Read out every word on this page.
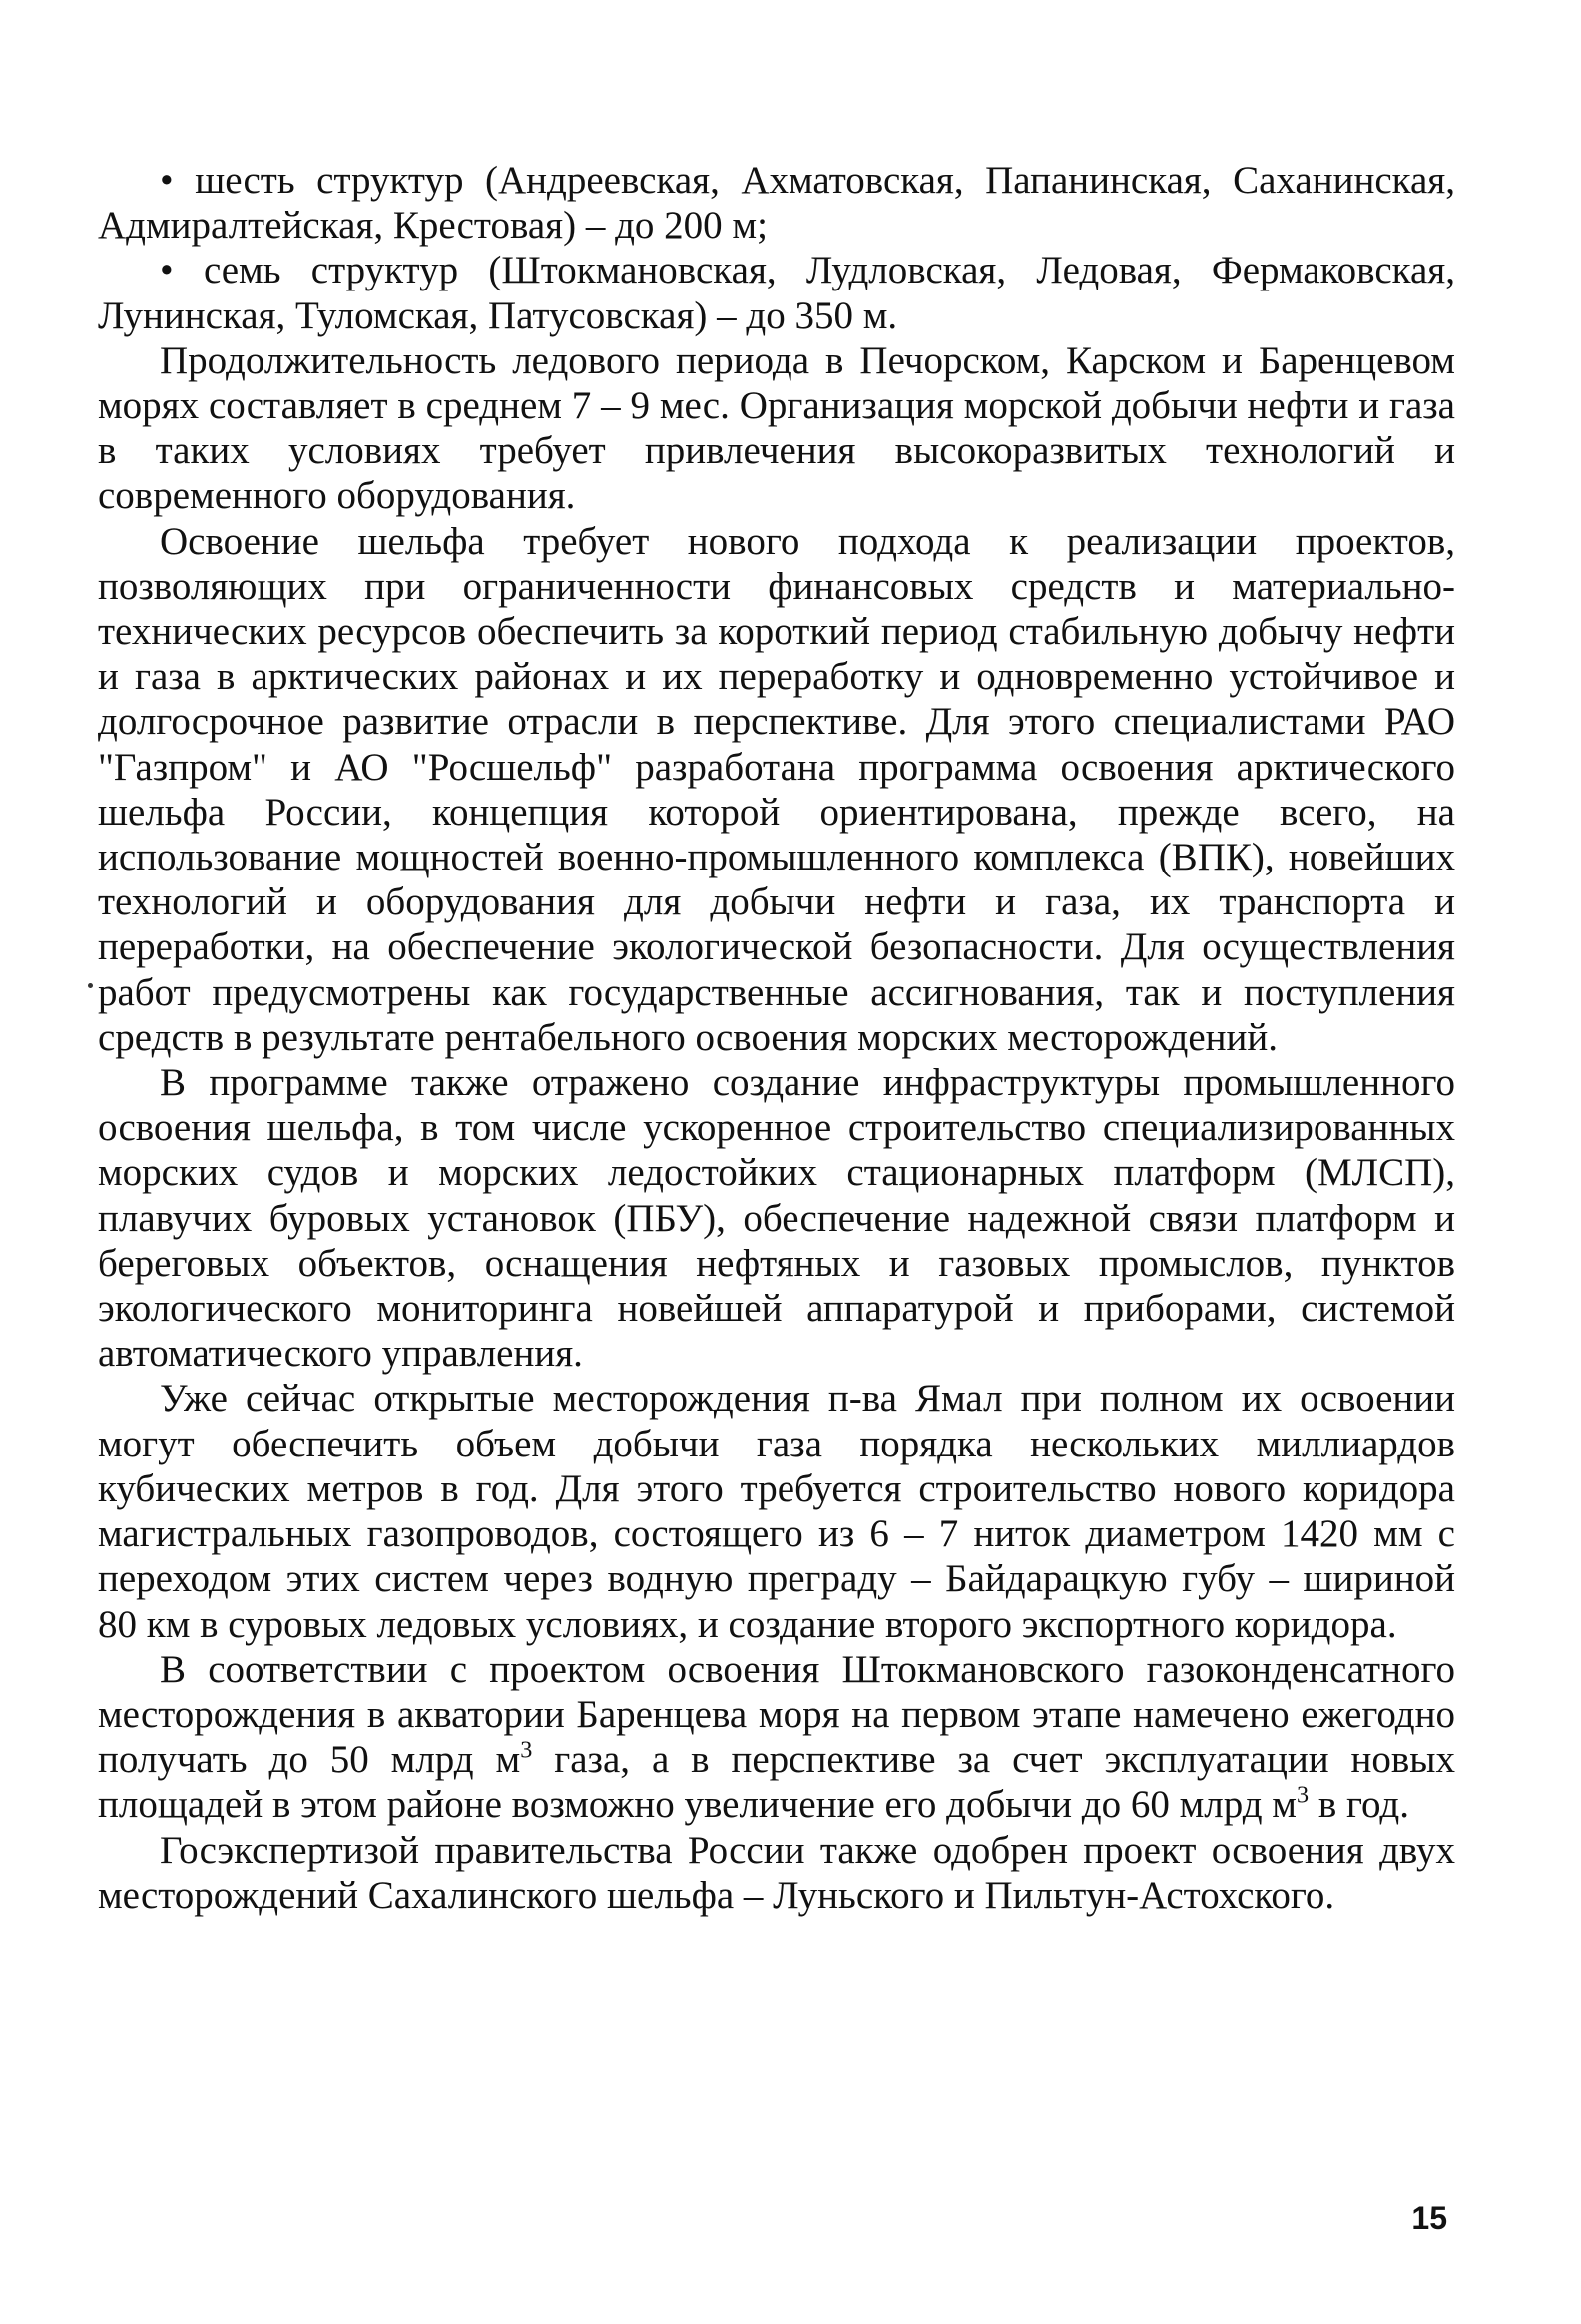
• шесть структур (Андреевская, Ахматовская, Папанинская, Саханинская, Адмиралтейская, Крестовая) – до 200 м;

• семь структур (Штокмановская, Лудловская, Ледовая, Фермаковская, Лунинская, Туломская, Патусовская) – до 350 м.

Продолжительность ледового периода в Печорском, Карском и Баренцевом морях составляет в среднем 7 – 9 мес. Организация морской добычи нефти и газа в таких условиях требует привлечения высокоразвитых технологий и современного оборудования.

Освоение шельфа требует нового подхода к реализации проектов, позволяющих при ограниченности финансовых средств и материально-технических ресурсов обеспечить за короткий период стабильную добычу нефти и газа в арктических районах и их переработку и одновременно устойчивое и долгосрочное развитие отрасли в перспективе. Для этого специалистами РАО "Газпром" и АО "Росшельф" разработана программа освоения арктического шельфа России, концепция которой ориентирована, прежде всего, на использование мощностей военно-промышленного комплекса (ВПК), новейших технологий и оборудования для добычи нефти и газа, их транспорта и переработки, на обеспечение экологической безопасности. Для осуществления работ предусмотрены как государственные ассигнования, так и поступления средств в результате рентабельного освоения морских месторождений.

В программе также отражено создание инфраструктуры промышленного освоения шельфа, в том числе ускоренное строительство специализированных морских судов и морских ледостойких стационарных платформ (МЛСП), плавучих буровых установок (ПБУ), обеспечение надежной связи платформ и береговых объектов, оснащения нефтяных и газовых промыслов, пунктов экологического мониторинга новейшей аппаратурой и приборами, системой автоматического управления.

Уже сейчас открытые месторождения п-ва Ямал при полном их освоении могут обеспечить объем добычи газа порядка нескольких миллиардов кубических метров в год. Для этого требуется строительство нового коридора магистральных газопроводов, состоящего из 6 – 7 ниток диаметром 1420 мм с переходом этих систем через водную преграду – Байдарацкую губу – шириной 80 км в суровых ледовых условиях, и создание второго экспортного коридора.

В соответствии с проектом освоения Штокмановского газоконденсатного месторождения в акватории Баренцева моря на первом этапе намечено ежегодно получать до 50 млрд $м^3$ газа, а в перспективе за счет эксплуатации новых площадей в этом районе возможно увеличение его добычи до 60 млрд $м^3$ в год.

Госэкспертизой правительства России также одобрен проект освоения двух месторождений Сахалинского шельфа – Луньского и Пильтун-Астохского.

15
